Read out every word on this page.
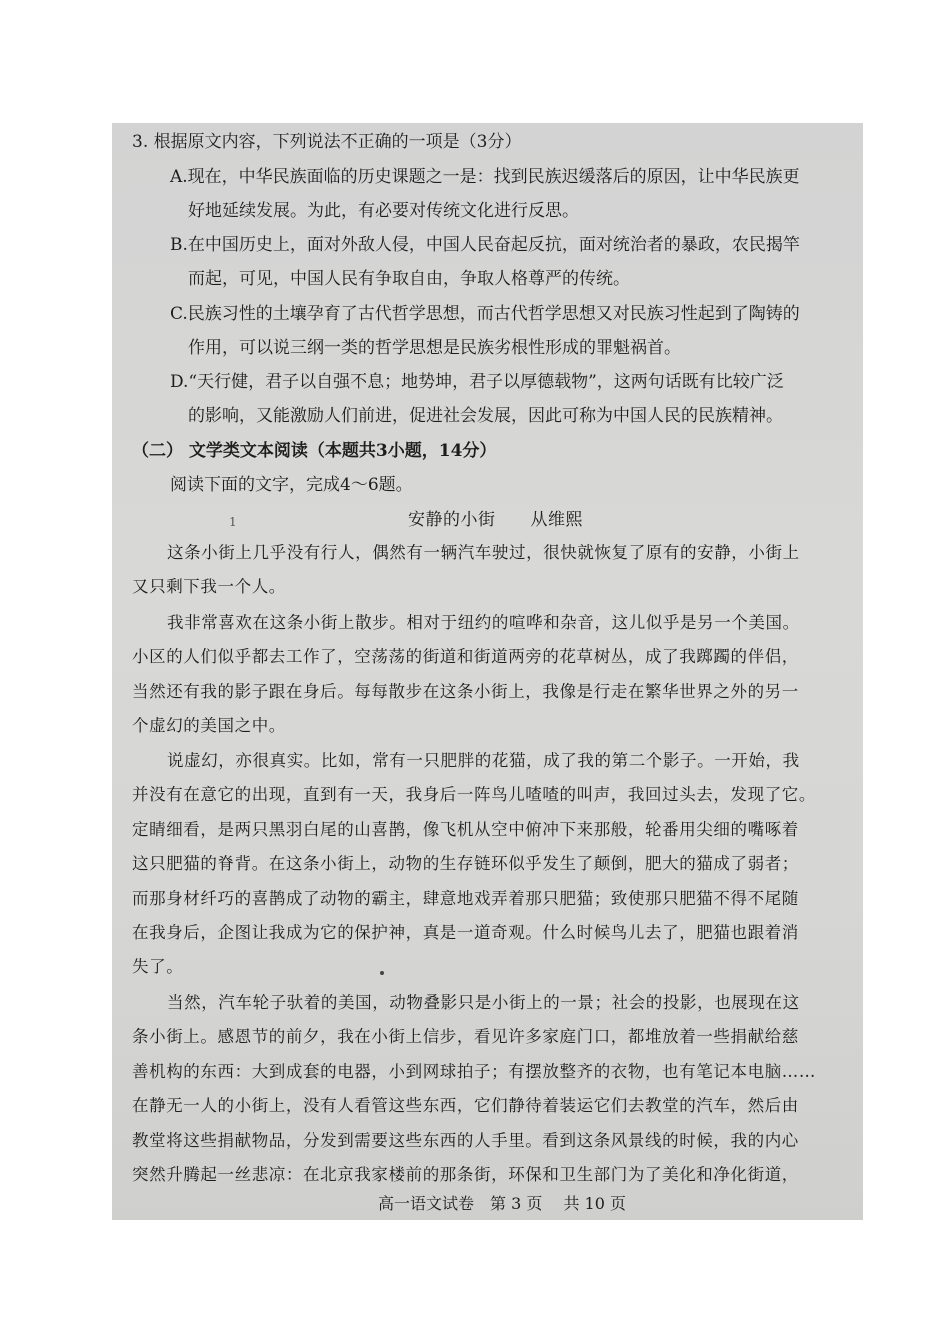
3. 根据原文内容，下列说法不正确的一项是（3分）
A.现在，中华民族面临的历史课题之一是：找到民族迟缓落后的原因，让中华民族更
好地延续发展。为此，有必要对传统文化进行反思。
B.在中国历史上，面对外敌人侵，中国人民奋起反抗，面对统治者的暴政，农民揭竿
而起，可见，中国人民有争取自由，争取人格尊严的传统。
C.民族习性的土壤孕育了古代哲学思想，而古代哲学思想又对民族习性起到了陶铸的
作用，可以说三纲一类的哲学思想是民族劣根性形成的罪魁祸首。
D.“天行健，君子以自强不息；地势坤，君子以厚德载物”，这两句话既有比较广泛
的影响，又能激励人们前进，促进社会发展，因此可称为中国人民的民族精神。
（二） 文学类文本阅读（本题共3小题，14分）
阅读下面的文字，完成4～6题。
1	安静的小街　　从维熙
这条小街上几乎没有行人，偶然有一辆汽车驶过，很快就恢复了原有的安静，小街上
又只剩下我一个人。
我非常喜欢在这条小街上散步。相对于纽约的喧哗和杂音，这儿似乎是另一个美国。
小区的人们似乎都去工作了，空荡荡的街道和街道两旁的花草树丛，成了我踯躅的伴侣，
当然还有我的影子跟在身后。每每散步在这条小街上，我像是行走在繁华世界之外的另一
个虚幻的美国之中。
说虚幻，亦很真实。比如，常有一只肥胖的花猫，成了我的第二个影子。一开始，我
并没有在意它的出现，直到有一天，我身后一阵鸟儿喳喳的叫声，我回过头去，发现了它。
定睛细看，是两只黑羽白尾的山喜鹊，像飞机从空中俯冲下来那般，轮番用尖细的嘴啄着
这只肥猫的脊背。在这条小街上，动物的生存链环似乎发生了颠倒，肥大的猫成了弱者；
而那身材纤巧的喜鹊成了动物的霸主，肆意地戏弄着那只肥猫；致使那只肥猫不得不尾随
在我身后，企图让我成为它的保护神，真是一道奇观。什么时候鸟儿去了，肥猫也跟着消
失了。
当然，汽车轮子驮着的美国，动物叠影只是小街上的一景；社会的投影，也展现在这
条小街上。感恩节的前夕，我在小街上信步，看见许多家庭门口，都堆放着一些捐献给慈
善机构的东西：大到成套的电器，小到网球拍子；有摆放整齐的衣物，也有笔记本电脑……
在静无一人的小街上，没有人看管这些东西，它们静待着装运它们去教堂的汽车，然后由
教堂将这些捐献物品，分发到需要这些东西的人手里。看到这条风景线的时候，我的内心
突然升腾起一丝悲凉：在北京我家楼前的那条街，环保和卫生部门为了美化和净化街道，
高一语文试卷　第 3 页　 共 10 页
